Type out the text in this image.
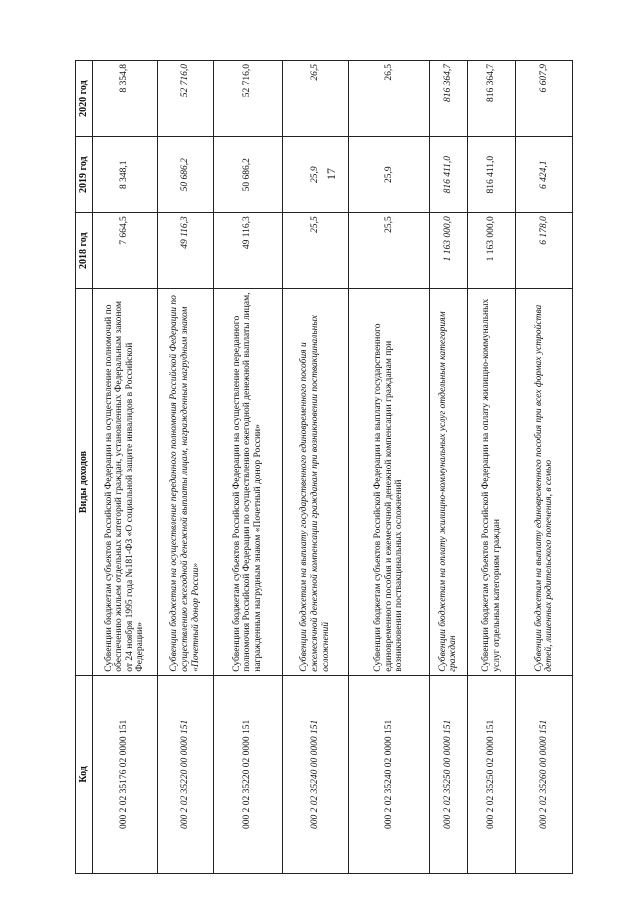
17
Код	Виды доходов	2018 год	2019 год	2020 год
000 2 02 35176 02 0000 151	Субвенции бюджетам субъектов Российской Федерации на осуществление полномочий по обеспечению жильем отдельных категорий граждан, установленных Федеральным законом от 24 ноября 1995 года №181-ФЗ «О социальной защите инвалидов в Российской Федерации»	7 664,5	8 348,1	8 354,8
000 2 02 35220 00 0000 151	Субвенции бюджетам на осуществление переданного полномочия Российской Федерации по осуществлению ежегодной денежной выплаты лицам, награжденным нагрудным знаком «Почетный донор России»	49 116,3	50 686,2	52 716,0
000 2 02 35220 02 0000 151	Субвенции бюджетам субъектов Российской Федерации на осуществление переданного полномочия Российской Федерации по осуществлению ежегодной денежной выплаты лицам, награжденным нагрудным знаком «Почетный донор России»	49 116,3	50 686,2	52 716,0
000 2 02 35240 00 0000 151	Субвенции бюджетам на выплату государственного единовременного пособия и ежемесячной денежной компенсации гражданам при возникновении поствакцинальных осложнений	25,5	25,9	26,5
000 2 02 35240 02 0000 151	Субвенции бюджетам субъектов Российской Федерации на выплату государственного единовременного пособия и ежемесячной денежной компенсации гражданам при возникновении поствакцинальных осложнений	25,5	25,9	26,5
000 2 02 35250 00 0000 151	Субвенции бюджетам на оплату жилищно-коммунальных услуг отдельным категориям граждан	1 163 000,0	816 411,0	816 364,7
000 2 02 35250 02 0000 151	Субвенции бюджетам субъектов Российской Федерации на оплату жилищно-коммунальных услуг отдельным категориям граждан	1 163 000,0	816 411,0	816 364,7
000 2 02 35260 00 0000 151	Субвенции бюджетам на выплату единовременного пособия при всех формах устройства детей, лишенных родительского попечения, в семью	6 178,0	6 424,1	6 607,9
